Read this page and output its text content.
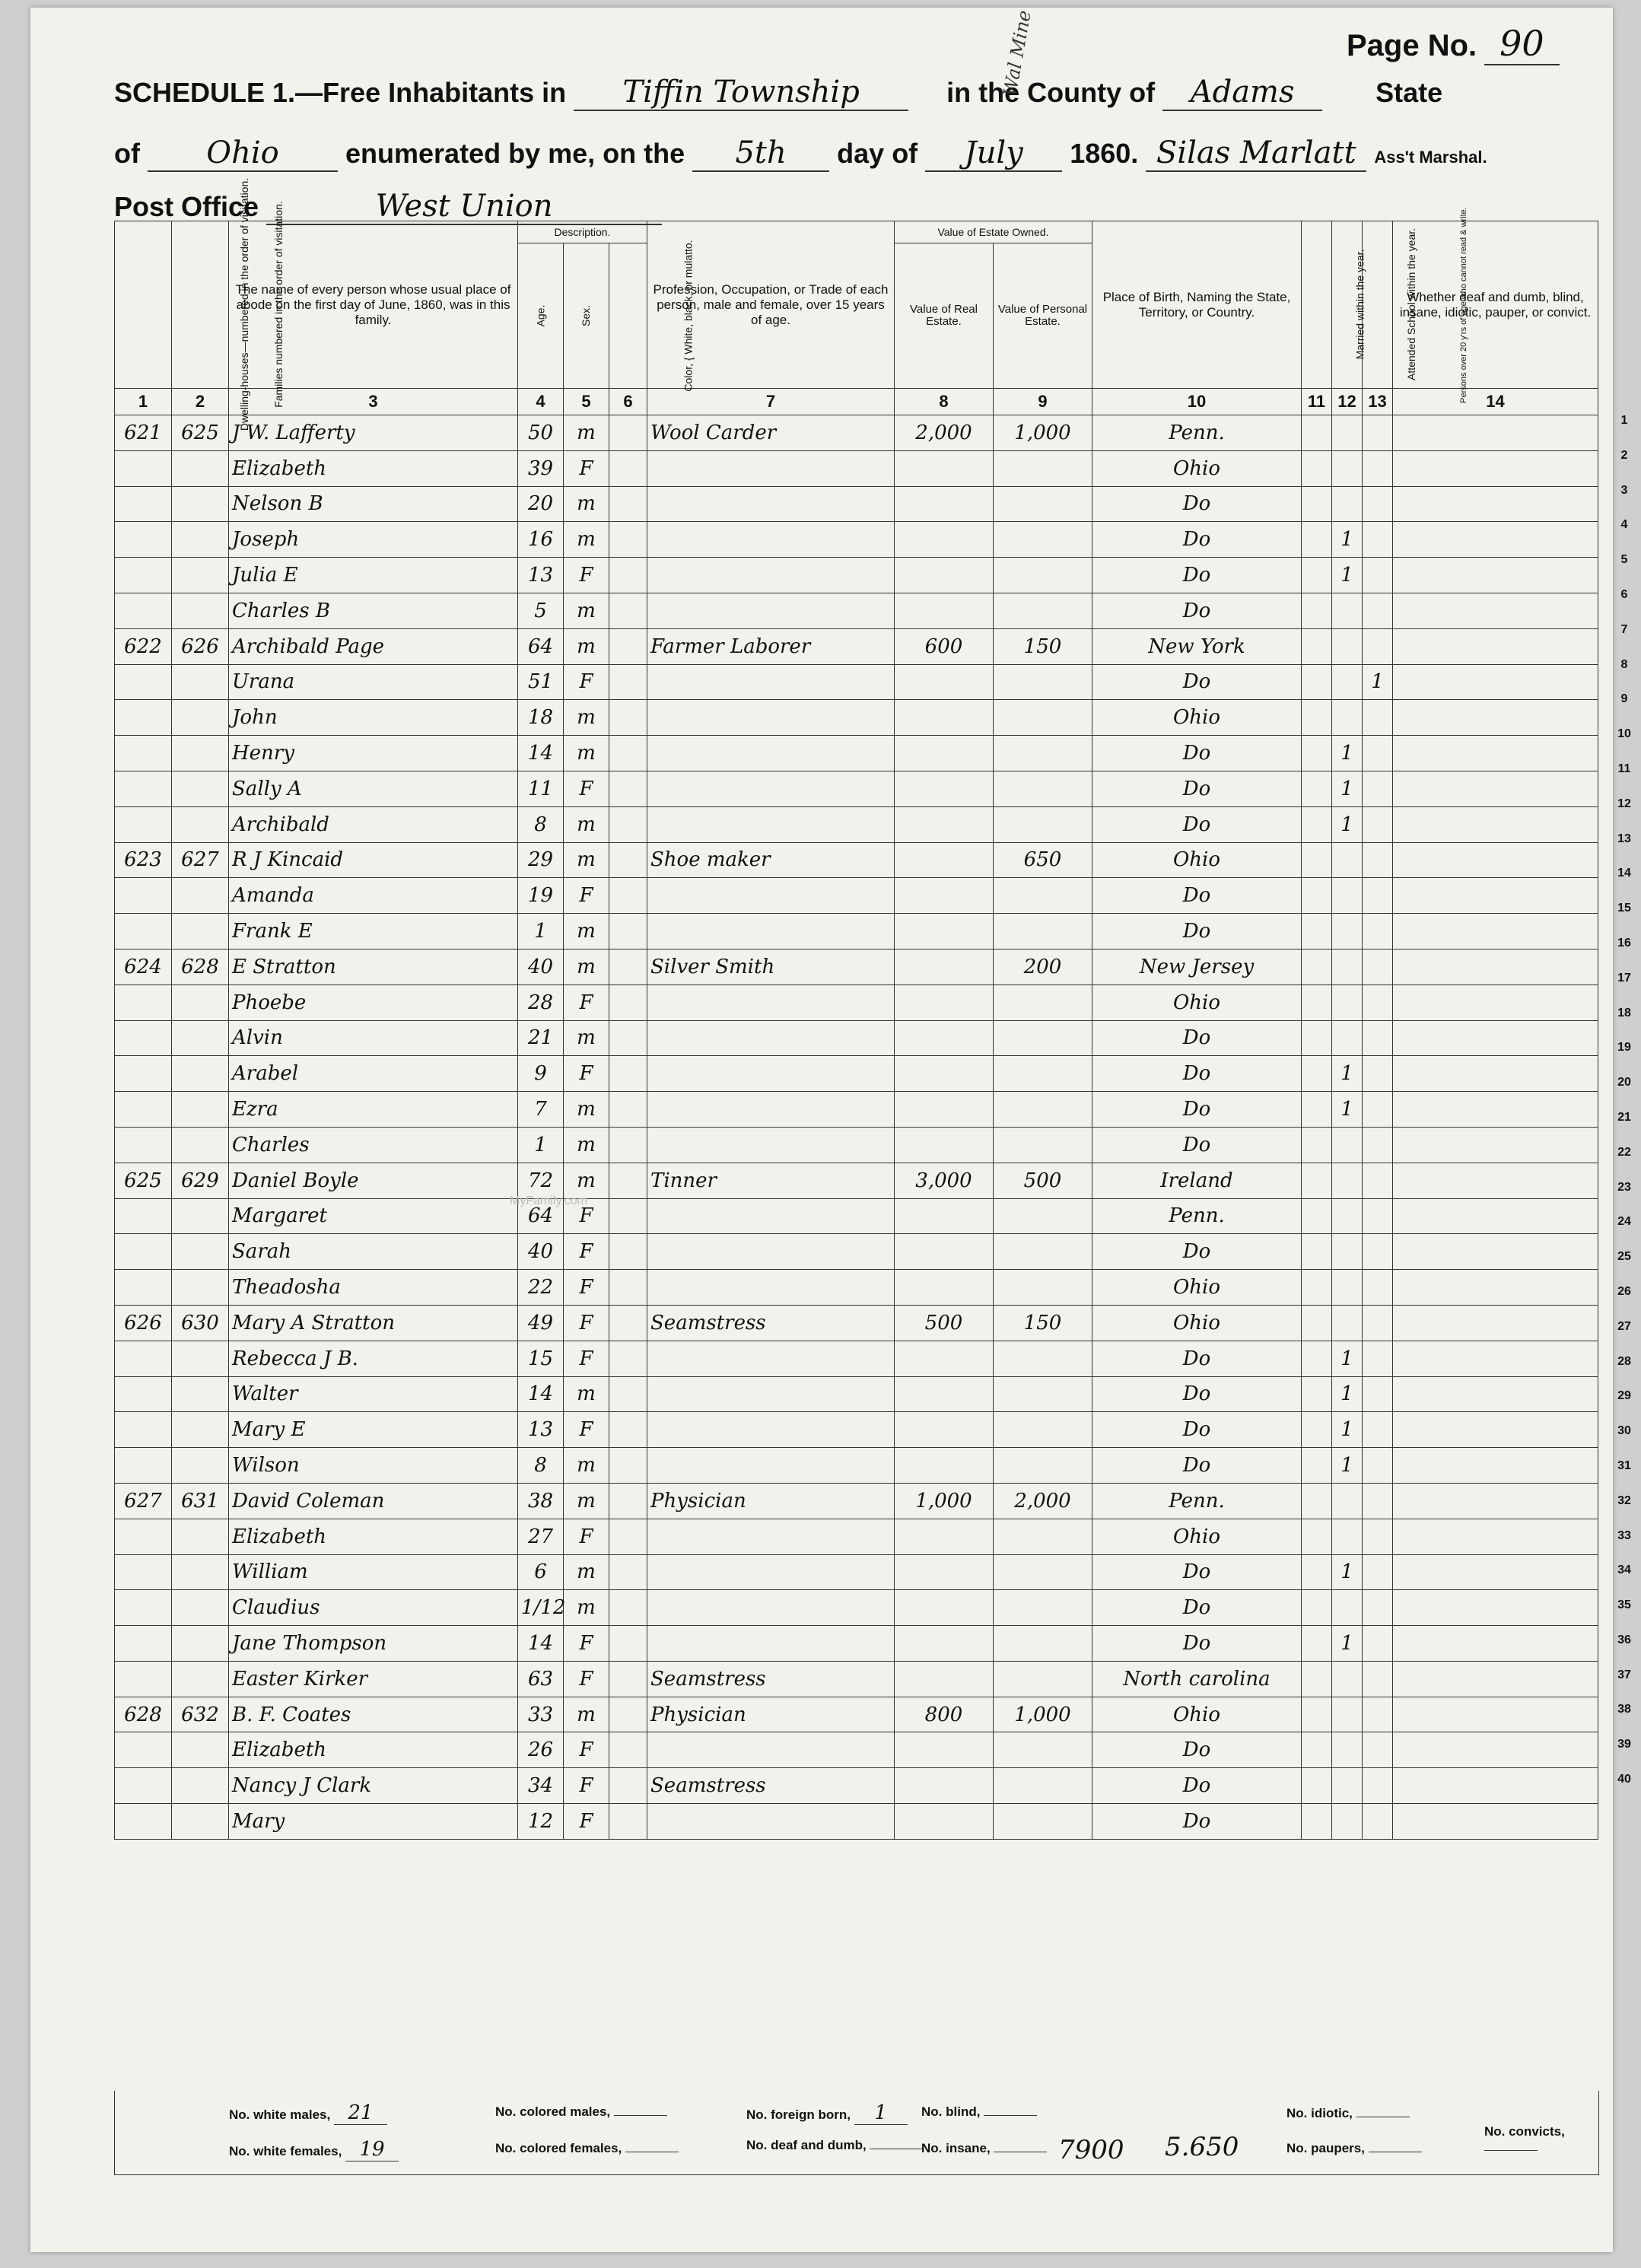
Page No. 90
SCHEDULE 1.—Free Inhabitants in Tiffin Township	in the County of Adams	State
of Ohio enumerated by me, on the 5th day of July 1860. Silas Marlatt Ass't Marshal.
Post Office	West Union
Wal Mine
Dwelling-houses—numbered in the order of visitation.	Families numbered in the order of visitation.	The name of every person whose usual place of abode on the first day of June, 1860, was in this family.	Description.			Profession, Occupation, or Trade of each person, male and female, over 15 years of age.	Value of Estate Owned.		Place of Birth, Naming the State, Territory, or Country.	Married within the year.	Attended School within the year.	Persons over 20 y'rs of age who cannot read & write.	Whether deaf and dumb, blind, insane, idiotic, pauper, or convict.
			Age.	Sex.	Color, { White, black, or mulatto.		Value of Real Estate.	Value of Personal Estate.					
1	2	3	4	5	6	7	8	9	10	11	12	13	14
621	625	J W. Lafferty	50	m		Wool Carder	2,000	1,000	Penn.				
		Elizabeth	39	F					Ohio				
		Nelson B	20	m					Do				
		Joseph	16	m					Do		1		
		Julia E	13	F					Do		1		
		Charles B	5	m					Do				
622	626	Archibald Page	64	m		Farmer Laborer	600	150	New York				
		Urana	51	F					Do			1	
		John	18	m					Ohio				
		Henry	14	m					Do		1		
		Sally A	11	F					Do		1		
		Archibald	8	m					Do		1		
623	627	R J Kincaid	29	m		Shoe maker		650	Ohio				
		Amanda	19	F					Do				
		Frank E	1	m					Do				
624	628	E Stratton	40	m		Silver Smith		200	New Jersey				
		Phoebe	28	F					Ohio				
		Alvin	21	m					Do				
		Arabel	9	F					Do		1		
		Ezra	7	m					Do		1		
		Charles	1	m					Do				
625	629	Daniel Boyle	72	m		Tinner	3,000	500	Ireland				
		Margaret	64	F					Penn.				
		Sarah	40	F					Do				
		Theadosha	22	F					Ohio				
626	630	Mary A Stratton	49	F		Seamstress	500	150	Ohio				
		Rebecca J B.	15	F					Do		1		
		Walter	14	m					Do		1		
		Mary E	13	F					Do		1		
		Wilson	8	m					Do		1		
627	631	David Coleman	38	m		Physician	1,000	2,000	Penn.				
		Elizabeth	27	F					Ohio				
		William	6	m					Do		1		
		Claudius	1/12	m					Do				
		Jane Thompson	14	F					Do		1		
		Easter Kirker	63	F		Seamstress			North carolina				
628	632	B. F. Coates	33	m		Physician	800	1,000	Ohio				
		Elizabeth	26	F					Do				
		Nancy J Clark	34	F		Seamstress			Do				
		Mary	12	F					Do				
1
2
3
4
5
6
7
8
9
10
11
12
13
14
15
16
17
18
19
20
21
22
23
24
25
26
27
28
29
30
31
32
33
34
35
36
37
38
39
40
No. white males, 21
No. white females, 19
No. colored males,
No. colored females,
No. foreign born, 1
No. deaf and dumb,
No. blind,
No. insane,	7900 5.650
No. idiotic,
No. paupers,
No. convicts,
MyFamily.com
